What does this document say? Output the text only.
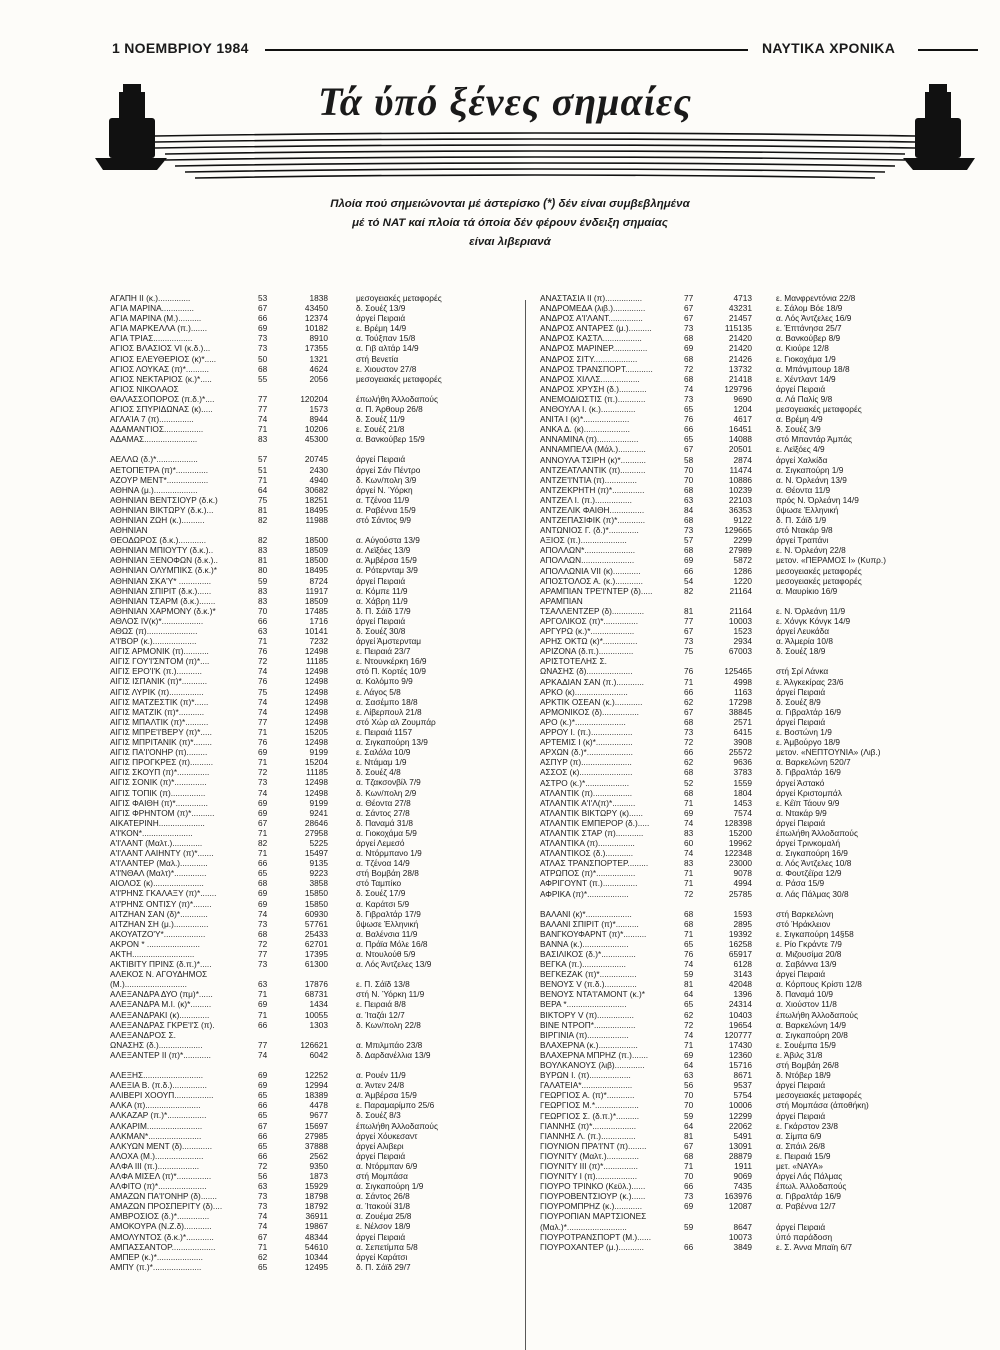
1 ΝΟΕΜΒΡΙΟΥ 1984	ΝΑΥΤΙΚΑ ΧΡΟΝΙΚΑ
Τά ύπό ξένες σημαίες
Πλοία πού σημειώνονται μέ άστερίσκο (*) δέν είναι συμβεβλημένα
μέ τό ΝΑΤ καί πλοία τά όποία δέν φέρουν ένδειξη σημαίας
είναι λιβεριανά
ΑΓΑΠΗ ΙΙ (κ.)..............	53	1838	μεσογειακές μεταφορές
ΑΓΙΑ ΜΑΡΙΝΑ..............	67	43450	δ. Σουέζ 13/9
ΑΓΙΑ ΜΑΡΙΝΑ (Μ.)..........	66	12374	άργεί Πειραιά
ΑΓΙΑ ΜΑΡΚΕΛΛΑ (π.).......	69	10182	ε. Βρέμη 14/9
ΑΓΙΑ ΤΡΙΑΣ.................	73	8910	α. Τούξπαν 15/8
ΑΓΙΟΣ ΒΛΑΣΙΟΣ VI (κ.δ.)...	73	17355	α. Γιβ αλτάρ 14/9
ΑΓΙΟΣ ΕΛΕΥΘΕΡΙΟΣ (κ)*.....	50	1321	στή Βενετία
ΑΓΙΟΣ ΛΟΥΚΑΣ (π)*..........	68	4624	ε. Χιουστον 27/8
ΑΓΙΟΣ ΝΕΚΤΑΡΙΟΣ (κ.)*.....	55	2056	μεσογειακές μεταφορές
ΑΓΙΟΣ ΝΙΚΟΛΑΟΣ
ΘΑΛΑΣΣΟΠΟΡΟΣ (π.δ.)*....	77	120204	έπωλήθη Άλλοδαπούς
ΑΓΙΟΣ ΣΠΥΡΙΔΩΝΑΣ (κ).....	77	1573	α. Π. Άρθουρ 26/8
ΑΓΛΑΊΑ 7 (π)...............	74	8944	δ. Σουέζ 11/9
ΑΔΑΜΑΝΤΙΟΣ.................	71	10206	ε. Σουέζ 21/8
ΑΔΑΜΑΣ.......................	83	45300	α. Βανκούβερ 15/9
ΑΕΛΛΩ (δ.)*..................	57	20745	άργεί Πειραιά
ΑΕΤΟΠΕΤΡΑ (π)*..............	51	2430	άργεί Σάν Πέντρο
ΑΖΟΥΡ ΜΕΝΤ*..................	71	4940	δ. Κων/πολη 3/9
ΑΘΗΝΑ (μ.)...................	64	30682	άργεί Ν. Ύόρκη
ΑΘΗΝΙΑΝ ΒΕΝΤΣΙΟΥΡ (δ.κ.)	75	18251	α. Τζένοα 11/9
ΑΘΗΝΙΑΝ ΒΙΚΤΩΡΥ (δ.κ.)...	81	18495	α. Ραβέννα 15/9
ΑΘΗΝΙΑΝ ΖΩΗ (κ.)..........	82	11988	στό Σάντος 9/9
ΑΘΗΝΙΑΝ
ΘΕΟΔΩΡΟΣ (δ.κ.)............	82	18500	α. Αύγούστα 13/9
ΑΘΗΝΙΑΝ ΜΠΙΟΥΤΥ (δ.κ.)..	83	18509	α. Λεϊξόες 13/9
ΑΘΗΝΙΑΝ ΞΕΝΟΦΩΝ (δ.κ.)..	81	18500	α. Άμβέρσα 15/9
ΑΘΗΝΙΑΝ ΟΛΥΜΠΙΚΣ (δ.κ.)*	80	18495	α. Ρότερνταμ 3/9
ΑΘΗΝΙΑΝ ΣΚΑ'Υ* ..............	59	8724	άργεί Πειραιά
ΑΘΗΝΙΑΝ ΣΠΙΡΙΤ (δ.κ.)......	83	11917	α. Κόμπε 11/9
ΑΘΗΝΙΑΝ ΤΣΑΡΜ (δ.κ.).......	83	18509	α. Χάβρη 11/9
ΑΘΗΝΙΑΝ ΧΑΡΜΟΝΥ (δ.κ.)*	70	17485	δ. Π. Σάϊδ 17/9
ΑΘΛΟΣ IV(κ)*..................	66	1716	άργεί Πειραιά
ΑΘΩΣ (π)......................	63	10141	δ. Σουέζ 30/8
Α'Ι'ΒΟΡ (κ.)...................	71	7232	άργεί Άμστερνταμ
ΑΙΓΙΣ ΑΡΜΟΝΙΚ (π)...........	76	12498	ε. Πειραιά 23/7
ΑΙΓΙΣ ΓΟΥ'Ι'ΣΝΤΟΜ (π)*....	72	11185	ε. Ντουνκέρκη 16/9
ΑΙΓΙΣ ΕΡΟ'Ι'Κ (π.)...........	74	12498	στό Π. Κορτές 10/9
ΑΙΓΙΣ ΙΣΠΑΝΙΚ (π)*...........	76	12498	α. Κολόμπο 9/9
ΑΙΓΙΣ ΛΥΡΙΚ (π)...............	75	12498	ε. Λάγος 5/8
ΑΙΓΙΣ ΜΑΤΖΕΣΤΙΚ (π)*......	74	12498	α. Σασέμπο 18/8
ΑΙΓΙΣ ΜΑΤΖΙΚ (π)*...........	74	12498	ε. Λίβερπουλ 21/8
ΑΙΓΙΣ ΜΠΑΛΤΙΚ (π)*..........	77	12498	στό Χώρ αλ Ζουμπάρ
ΑΙΓΙΣ ΜΠΡΕ'Ι'ΒΕΡΥ (π)*.....	71	15205	ε. Πειραιά 1157
ΑΙΓΙΣ ΜΠΡΙΤΑΝΙΚ (π)*........	76	12498	α. Σιγκαπούρη 13/9
ΑΙΓΙΣ ΠΑ'Ι'ΟΝΗΡ (π).........	69	9199	ε. Σαλάλα 10/9
ΑΙΓΙΣ ΠΡΟΓΚΡΕΣ (π)..........	71	15204	ε. Ντάμαμ 1/9
ΑΙΓΙΣ ΣΚΟΥΠ (π)*..............	72	11185	δ. Σουέζ 4/8
ΑΙΓΙΣ ΣΟΝΙΚ (π)*..............	73	12498	α. Τζακσονβίλ 7/9
ΑΙΓΙΣ ΤΟΠΙΚ (π)...............	74	12498	δ. Κων/πολη 2/9
ΑΙΓΙΣ ΦΑΙΘΗ (π)*..............	69	9199	α. Θέοντα 27/8
ΑΙΓΙΣ ΦΡΗΝΤΟΜ (π)*..........	69	9241	α. Σάντος 27/8
ΑΙΚΑΤΕΡΙΝΗ....................	67	28646	δ. Παναμά 31/8
Α'Ι'ΚΟΝ*......................	71	27958	α. Γιοκοχάμα 5/9
Α'Ι'ΛΑΝΤ (Μαλτ.).............	82	5225	άργεί Λεμεσό
Α'Ι'ΛΑΝΤ ΛΑΙΗΝΤΥ (π)*.......	71	15497	α. Ντόρμπανο 1/9
Α'Ι'ΛΑΝΤΕΡ (Μαλ.)............	66	9135	α. Τζένοα 14/9
Α'Ι'ΝΘΑΛ (Μαλτ)*..............	65	9223	στή Βομβάη 28/8
ΑΙΟΛΟΣ (κ)......................	68	3858	στό Ταμπίκο
Α'Ι'ΡΗΝΣ ΓΚΑΛΑΞΥ (π)*.......	69	15850	δ. Σουέζ 17/9
Α'Ι'ΡΗΝΣ ΟΝΤΙΣΥ (π)*........	69	15850	α. Καράτσι 5/9
ΑΙΤΖΗΑΝ ΣΑΝ (δ)*............	74	60930	δ. Γιβραλτάρ 17/9
ΑΙΤΖΗΑΝ ΣΗ (μ.)...............	73	57761	ΰψωσε Έλληνική
ΑΚΟΥΑΤΖΟ'Υ*..................	68	25433	α. Βαλένσια 11/9
ΑΚΡΟΝ * .......................	72	62701	α. Πράϊα Μόλε 16/8
ΑΚΤΗ...........................	77	17395	α. Ντουλούθ 5/9
ΑΚΤΙΒΙΤΥ ΠΡΙΝΣ (δ.π.)*.....	73	61300	α. Λός Άντζελες 13/9
ΑΛΕΚΟΣ Ν. ΑΓΟΥΔΗΜΟΣ
(Μ.)...........................	63	17876	ε. Π. Σάϊδ 13/8
ΑΛΕΞΑΝΔΡΑ ΔΥΟ (πμ)*......	71	68731	στή Ν. Ύόρκη 11/9
ΑΛΕΞΑΝΔΡΑ Μ.Ι. (κ)*.........	69	1434	ε. Πειραιά 8/8
ΑΛΕΞΑΝΔΡΑΚΙ (κ).............	71	10055	α. Ίταζάι 12/7
ΑΛΕΞΑΝΔΡΑΣ ΓΚΡΕ'Ι'Σ (π).	66	1303	δ. Κων/πολη 22/8
ΑΛΕΞΑΝΔΡΟΣ Σ.
ΩΝΑΣΗΣ (δ.)...................	77	126621	α. Μπιλμπάο 23/8
ΑΛΕΞΑΝΤΕΡ ΙΙ (π)*............	74	6042	δ. Δαρδανέλλια 13/9
ΑΛΕΞΗΣ..........................	69	12252	α. Ρουέν 11/9
ΑΛΕΞΙΑ Β. (π.δ.)...............	69	12994	α. Άντεν 24/8
ΑΛΙΒΕΡΙ ΧΟΟΥΠ.................	65	18389	α. Άμβέρσα 15/9
ΑΛΚΑ (π)........................	66	4478	ε. Παραμαρίμπο 25/6
ΑΛΚΑΖΑΡ (π.)*.................	65	9677	δ. Σουέζ 8/3
ΑΛΚΑΡΙΜ........................	67	15697	έπωλήθη Άλλοδαπούς
ΑΛΚΜΑΝ*.......................	66	27985	άργεί Χόυκεσαντ
ΑΛΚΥΩΝ ΜΕΝΤ (δ).............	65	37888	άργεί Αλιβερι
ΑΛΟΧΑ (Μ.).....................	66	2562	άργεί Πειραιά
ΑΛΦΑ ΙΙΙ (π.)..................	72	9350	α. Ντόρμπαν 6/9
ΑΛΦΑ ΜΙΣΕΛ (π)*...............	56	1873	στή Μομπάσα
ΑΛΦΙΤΟ (π)*.....................	63	15929	α. Σιγκαπούρη 1/9
ΑΜΑΖΩΝ ΠΑ'Ι'ΟΝΗΡ (δ).......	73	18798	α. Σάντος 26/8
ΑΜΑΖΩΝ ΠΡΟΣΠΕΡΙΤΥ (δ)....	73	18792	α. Ίτακούί 31/8
ΑΜΒΡΟΣΙΟΣ (δ.)*..............	74	36911	α. Ζουέμα 25/8
ΑΜΟΚΟΥΡΑ (Ν.Ζ.δ)............	74	19867	ε. Νέλσον 18/9
ΑΜΟΛΥΝΤΟΣ (δ.κ.)*............	67	48344	άργεί Πειραιά
ΑΜΠΑΣΣΑΝΤΟΡ...................	71	54610	α. Σεπετίμπα 5/8
ΑΜΠΕΡ (κ.)*....................	62	10344	άργεί Καράτσι
ΑΜΠΥ (π.)*.....................	65	12495	δ. Π. Σάϊδ 29/7
ΑΝΑΣΤΑΣΙΑ ΙΙ (π)................	77	4713	ε. Μανφρεντόνια 22/8
ΑΝΔΡΟΜΕΔΑ (λιβ.)..............	67	43231	ε. Σάλομ Βόε 18/9
ΑΝΔΡΟΣ Α'Ι'ΛΑΝΤ...............	67	21457	α. Λός Άντζελες 16/9
ΑΝΔΡΟΣ ΑΝΤΑΡΕΣ (μ.)..........	73	115135	ε. Έπτάνησα 25/7
ΑΝΔΡΟΣ ΚΑΣΤΛ.................	68	21420	α. Βανκούβερ 8/9
ΑΝΔΡΟΣ ΜΑΡΙΝΕΡ...............	69	21420	α. Κιούρε 12/8
ΑΝΔΡΟΣ ΣΙΤΥ...................	68	21426	ε. Γιοκοχάμα 1/9
ΑΝΔΡΟΣ ΤΡΑΝΣΠΟΡΤ............	72	13732	α. Μπάνμπουρ 18/8
ΑΝΔΡΟΣ ΧΙΛΛΣ.................	68	21418	ε. Χέντλαντ 14/9
ΑΝΔΡΟΣ ΧΡΥΣΗ (δ.)............	74	129796	άργεί Πειραιά
ΑΝΕΜΟΔΙΩΣΤΙΣ (π.)............	73	9690	α. Λά Παλίς 9/8
ΑΝΘΟΥΛΑ Ι. (κ.)...............	65	1204	μεσογειακές μεταφορές
ΑΝΙΤΑ Ι (κ)*....................	76	4617	α. Βρέμη 4/9
ΑΝΚΑ Δ. (κ)....................	66	16451	δ. Σουέζ 3/9
ΑΝΝΑΜΙΝΑ (π)..................	65	14088	στό Μπαντάρ Άμπάς
ΑΝΝΑΜΠΕΛΑ (Μάλ.)............	67	20501	ε. Λεϊξόες 4/9
ΑΝΝΟΥΛΑ ΤΣΙΡΗ (κ)*...........	58	2874	άργεί Χαλκίδα
ΑΝΤΖΕΑΤΛΑΝΤΙΚ (π)...........	70	11474	α. Σιγκαπούρη 1/9
ΑΝΤΖΕ'Ι'ΝΤΙΑ (π)..............	70	10886	α. Ν. Όρλεάνη 13/9
ΑΝΤΖΕΚΡΗΤΗ (π)*..............	68	10239	α. Θέοντα 11/9
ΑΝΤΖΕΛ Ι. (π.)................	63	22103	πρός Ν. Όρλεάνη 14/9
ΑΝΤΖΕΛΙΚ ΦΑΙΘΗ...............	84	36353	ΰψωσε Έλληνική
ΑΝΤΖΕΠΑΣΙΦΙΚ (π)*............	68	9122	δ. Π. Σάϊδ 1/9
ΑΝΤΩΝΙΟΣ Γ. (δ.)*.............	73	129665	στό Ντακάρ 9/8
ΑΞΙΟΣ (π.)....................	57	2299	άργεί Τραπάνι
ΑΠΟΛΛΩΝ*......................	68	27989	ε. Ν. Όρλεάνη 22/8
ΑΠΟΛΛΩΝ.......................	69	5872	μετον. «ΠΕΡΑΜΟΣ Ι» (Κυπρ.)
ΑΠΟΛΛΩΝΙΑ VII (κ)............	66	1286	μεσογειακές μεταφορές
ΑΠΟΣΤΟΛΟΣ Α. (κ.)............	54	1220	μεσογειακές μεταφορές
ΑΡΑΜΠΙΑΝ ΤΡΕ'Ι'ΝΤΕΡ (δ).....	82	21164	α. Μαυρίκιο 16/9
ΑΡΑΜΠΙΑΝ
ΤΣΑΛΛΕΝΤΖΕΡ (δ)..............	81	21164	ε. Ν. Όρλεάνη 11/9
ΑΡΓΟΛΙΚΟΣ (π)*...............	77	10003	ε. Χόνγκ Κόνγκ 14/9
ΑΡΓΥΡΩ (κ.)*...................	67	1523	άργεί Λευκάδα
ΑΡΗΣ ΟΚΤΩ (κ)*...............	73	2934	α. Άλμερία 10/8
ΑΡΙΖΟΝΑ (δ.π.)...............	75	67003	δ. Σουέζ 18/9
ΑΡΙΣΤΟΤΕΛΗΣ Σ.
ΩΝΑΣΗΣ (δ)....................	76	125465	στή Σρί Λάνκα
ΑΡΚΑΔΙΑΝ ΣΑΝ (π.)............	71	4998	ε. Άλγκεκίρας 23/6
ΑΡΚΟ (κ).......................	66	1163	άργεί Πειραιά
ΑΡΚΤΙΚ ΟΣΕΑΝ (κ.)............	62	17298	δ. Σουέζ 8/9
ΑΡΜΟΝΙΚΟΣ (δ)................	67	38845	α. Γιβραλτάρ 16/9
ΑΡΟ (κ.)*......................	68	2571	άργεί Πειραιά
ΑΡΡΟΥ Ι. (π.)..................	73	6415	ε. Βοστώνη 1/9
ΑΡΤΕΜΙΣ Ι (κ)*................	72	3908	ε. Άμβούργο 18/9
ΑΡΧΩΝ (δ.)*....................	66	25572	μετον. «ΝΕΠΤΟΥΝΙΑ» (Λιβ.)
ΑΣΠΥΡ (π)......................	62	9636	α. Βαρκελώνη 520/7
ΑΣΣΟΣ (κ).......................	68	3783	δ. Γιβραλτάρ 16/9
ΑΣΤΡΟ (κ.)*...................	52	1559	άργεί Άστακό
ΑΤΛΑΝΤΙΚ (π).................	68	1804	άργεί Κριστομπάλ
ΑΤΛΑΝΤΙΚ Α'Ι'Λ(π)*..........	71	1453	ε. Κέϊπ Τάουν 9/9
ΑΤΛΑΝΤΙΚ ΒΙΚΤΩΡΥ (κ)......	69	7574	α. Ντακάρ 9/9
ΑΤΛΑΝΤΙΚ ΕΜΠΕΡΟΡ (δ.).....	74	128398	άργεί Πειραιά
ΑΤΛΑΝΤΙΚ ΣΤΑΡ (π)............	83	15200	έπωλήθη Άλλοδαπούς
ΑΤΛΑΝΤΙΚΑ (π)................	60	19962	άργεί Τρινκομαλή
ΑΤΛΑΝΤΙΚΟΣ (δ.)............	74	122348	α. Σιγκαπούρη 16/9
ΑΤΛΑΣ ΤΡΑΝΣΠΟΡΤΕΡ.........	83	23000	α. Λός Άντζελες 10/8
ΑΤΡΩΠΟΣ (π)*.................	71	9078	α. Φουτζέϊρα 12/9
ΑΦΡΙΓΟΥΝΤ (π.)...............	71	4994	α. Ράσα 15/9
ΑΦΡΙΚΑ (π)*..................	72	25785	α. Λάς Πάλμας 30/8
ΒΑΛΑΝΙ (κ)*....................	68	1593	στή Βαρκελώνη
ΒΑΛΑΝΙ ΣΠΙΡΙΤ (π)*..........	68	2895	στό Ήράκλειον
ΒΑΝΓΚΟΥΦΑΡΝΤ (π)*..........	71	19392	ε. Σιγκαπούρη 14§58
ΒΑΝΝΑ (κ.)....................	65	16258	ε. Ρίο Γκράντε 7/9
ΒΑΣΙΛΙΚΟΣ (δ.)*...............	76	65917	α. Μιζουσίμα 20/8
ΒΕΓΚΑ (π.)...................	74	6128	α. Σαβάννα 13/9
ΒΕΓΚΕΖΑΚ (π)*................	59	3143	άργεί Πειραιά
ΒΕΝΟΥΣ V (π.δ.)..............	81	42048	α. Κόρπους Κρίστι 12/8
ΒΕΝΟΥΣ ΝΤΑ'Ι'ΑΜΟΝΤ (κ.)*	64	1396	δ. Παναμά 10/9
ΒΕΡΑ *..........................	65	24314	α. Χιούστον 11/8
ΒΙΚΤΟΡΥ V (π)................	62	10403	έπωλήθη Άλλοδαπούς
ΒΙΝΕ ΝΤΡΟΠ*..................	72	19654	α. Βαρκελώνη 14/9
ΒΙΡΓΙΝΙΑ (π)..................	74	120777	α. Σιγκαπούρη 20/8
ΒΛΑΧΕΡΝΑ (κ.).................	71	17430	ε. Σουέμπα 15/9
ΒΛΑΧΕΡΝΑ ΜΠΡΗΖ (π.).......	69	12360	ε. Άβιλς 31/8
ΒΟΥΛΚΑΝΟΥΣ (λιβ).............	64	15716	στή Βομβάη 26/8
ΒΥΡΩΝ Ι. (π)..................	63	8671	δ. Ντόβερ 18/9
ΓΑΛΑΤΕΙΑ*......................	56	9537	άργεί Πειραιά
ΓΕΩΡΓΙΟΣ Α. (π)*............	70	5754	μεσογειακές μεταφορές
ΓΕΩΡΓΙΟΣ Μ.*...................	70	10006	στή Μομπάσα (άποθήκη)
ΓΕΩΡΓΙΟΣ Σ. (δ.π.)*..........	59	12299	άργεί Πειραιά
ΓΙΑΝΝΗΣ (π)*...................	64	22062	ε. Γκάρστον 23/8
ΓΙΑΝΝΗΣ Λ. (π.)...............	81	5491	α. Σίμπα 6/9
ΓΙΟΥΝΙΟΝ ΠΡΑ'Ι'ΝΤ (π)........	67	13091	α. Σπάιλ 26/8
ΓΙΟΥΝΙΤΥ (Μαλτ.)..............	68	28879	ε. Πειραιά 15/9
ΓΙΟΥΝΙΤΥ ΙΙΙ (π)*...............	71	1911	μετ. «ΝΑΥΑ»
ΓΙΟΥΝΙΤΥ Ι (π)..................	70	9069	άργεί Λάς Πάλμας
ΓΙΟΥΡΟ ΤΡΙΝΚΟ (Κεϋλ.)......	66	7435	έπωλ. Άλλοδαπούς
ΓΙΟΥΡΟΒΕΝΤΣΙΟΥΡ (κ.)......	73	163976	α. Γιβραλτάρ 16/9
ΓΙΟΥΡΟΜΠΡΗΖ (κ.)............	69	12087	α. Ραβέννα 12/7
ΓΙΟΥΡΟΠΙΑΝ ΜΑΡΤΣΙΟΝΕΣ
(Μαλ.)*..........................	59	8647	άργεί Πειραιά
ΓΙΟΥΡΟΤΡΑΝΣΠΟΡΤ (Μ.)......	10073	ύπό παράδοση
ΓΙΟΥΡΟΧΑΝΤΕΡ (μ.)...........	66	3849	ε. Σ. Άννα Μπαϊη 6/7
